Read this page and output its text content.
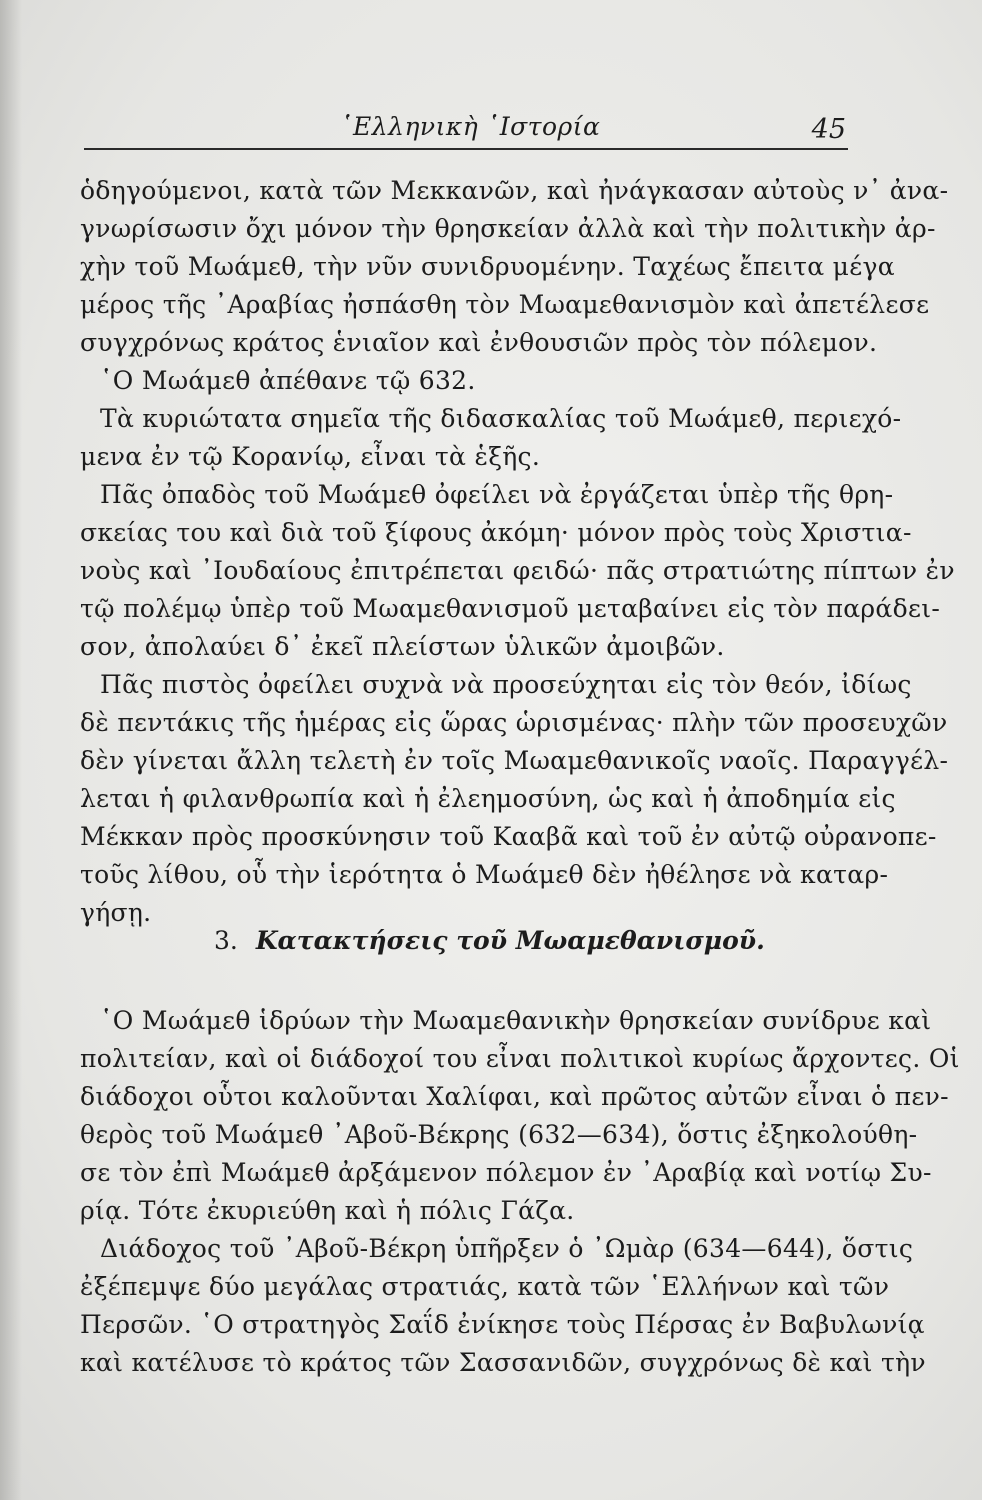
῾Ελληνικὴ ῾Ιστορία	45
ὁδηγούμενοι, κατὰ τῶν Μεκκανῶν, καὶ ἠνάγκασαν αὐτοὺς ν᾽ ἀνα-
γνωρίσωσιν ὄχι μόνον τὴν θρησκείαν ἀλλὰ καὶ τὴν πολιτικὴν ἀρ-
χὴν τοῦ Μωάμεθ, τὴν νῦν συνιδρυομένην. Ταχέως ἔπειτα μέγα
μέρος τῆς ᾽Αραβίας ἠσπάσθη τὸν Μωαμεθανισμὸν καὶ ἀπετέλεσε
συγχρόνως κράτος ἑνιαῖον καὶ ἐνθουσιῶν πρὸς τὸν πόλεμον.
῾Ο Μωάμεθ ἀπέθανε τῷ 632.
Τὰ κυριώτατα σημεῖα τῆς διδασκαλίας τοῦ Μωάμεθ, περιεχό-
μενα ἐν τῷ Κορανίῳ, εἶναι τὰ ἑξῆς.
Πᾶς ὀπαδὸς τοῦ Μωάμεθ ὀφείλει νὰ ἐργάζεται ὑπὲρ τῆς θρη-
σκείας του καὶ διὰ τοῦ ξίφους ἀκόμη· μόνον πρὸς τοὺς Χριστια-
νοὺς καὶ ᾽Ιουδαίους ἐπιτρέπεται φειδώ· πᾶς στρατιώτης πίπτων ἐν
τῷ πολέμῳ ὑπὲρ τοῦ Μωαμεθανισμοῦ μεταβαίνει εἰς τὸν παράδει-
σον, ἀπολαύει δ᾽ ἐκεῖ πλείστων ὑλικῶν ἀμοιβῶν.
Πᾶς πιστὸς ὀφείλει συχνὰ νὰ προσεύχηται εἰς τὸν θεόν, ἰδίως
δὲ πεντάκις τῆς ἡμέρας εἰς ὥρας ὡρισμένας· πλὴν τῶν προσευχῶν
δὲν γίνεται ἄλλη τελετὴ ἐν τοῖς Μωαμεθανικοῖς ναοῖς. Παραγγέλ-
λεται ἡ φιλανθρωπία καὶ ἡ ἐλεημοσύνη, ὡς καὶ ἡ ἀποδημία εἰς
Μέκκαν πρὸς προσκύνησιν τοῦ Κααβᾶ καὶ τοῦ ἐν αὐτῷ οὐρανοπε-
τοῦς λίθου, οὗ τὴν ἱερότητα ὁ Μωάμεθ δὲν ἠθέλησε νὰ καταρ-
γήσῃ.
3. Κατακτήσεις τοῦ Μωαμεθανισμοῦ.
῾Ο Μωάμεθ ἱδρύων τὴν Μωαμεθανικὴν θρησκείαν συνίδρυε καὶ
πολιτείαν, καὶ οἱ διάδοχοί του εἶναι πολιτικοὶ κυρίως ἄρχοντες. Οἱ
διάδοχοι οὗτοι καλοῦνται Χαλίφαι, καὶ πρῶτος αὐτῶν εἶναι ὁ πεν-
θερὸς τοῦ Μωάμεθ ᾽Αβοῦ-Βέκρης (632—634), ὅστις ἐξηκολούθη-
σε τὸν ἐπὶ Μωάμεθ ἀρξάμενον πόλεμον ἐν ᾽Αραβίᾳ καὶ νοτίῳ Συ-
ρίᾳ. Τότε ἐκυριεύθη καὶ ἡ πόλις Γάζα.
Διάδοχος τοῦ ᾽Αβοῦ-Βέκρη ὑπῆρξεν ὁ ᾽Ωμὰρ (634—644), ὅστις
ἐξέπεμψε δύο μεγάλας στρατιάς, κατὰ τῶν ῾Ελλήνων καὶ τῶν
Περσῶν. ῾Ο στρατηγὸς Σαΐδ ἐνίκησε τοὺς Πέρσας ἐν Βαβυλωνίᾳ
καὶ κατέλυσε τὸ κράτος τῶν Σασσανιδῶν, συγχρόνως δὲ καὶ τὴν
